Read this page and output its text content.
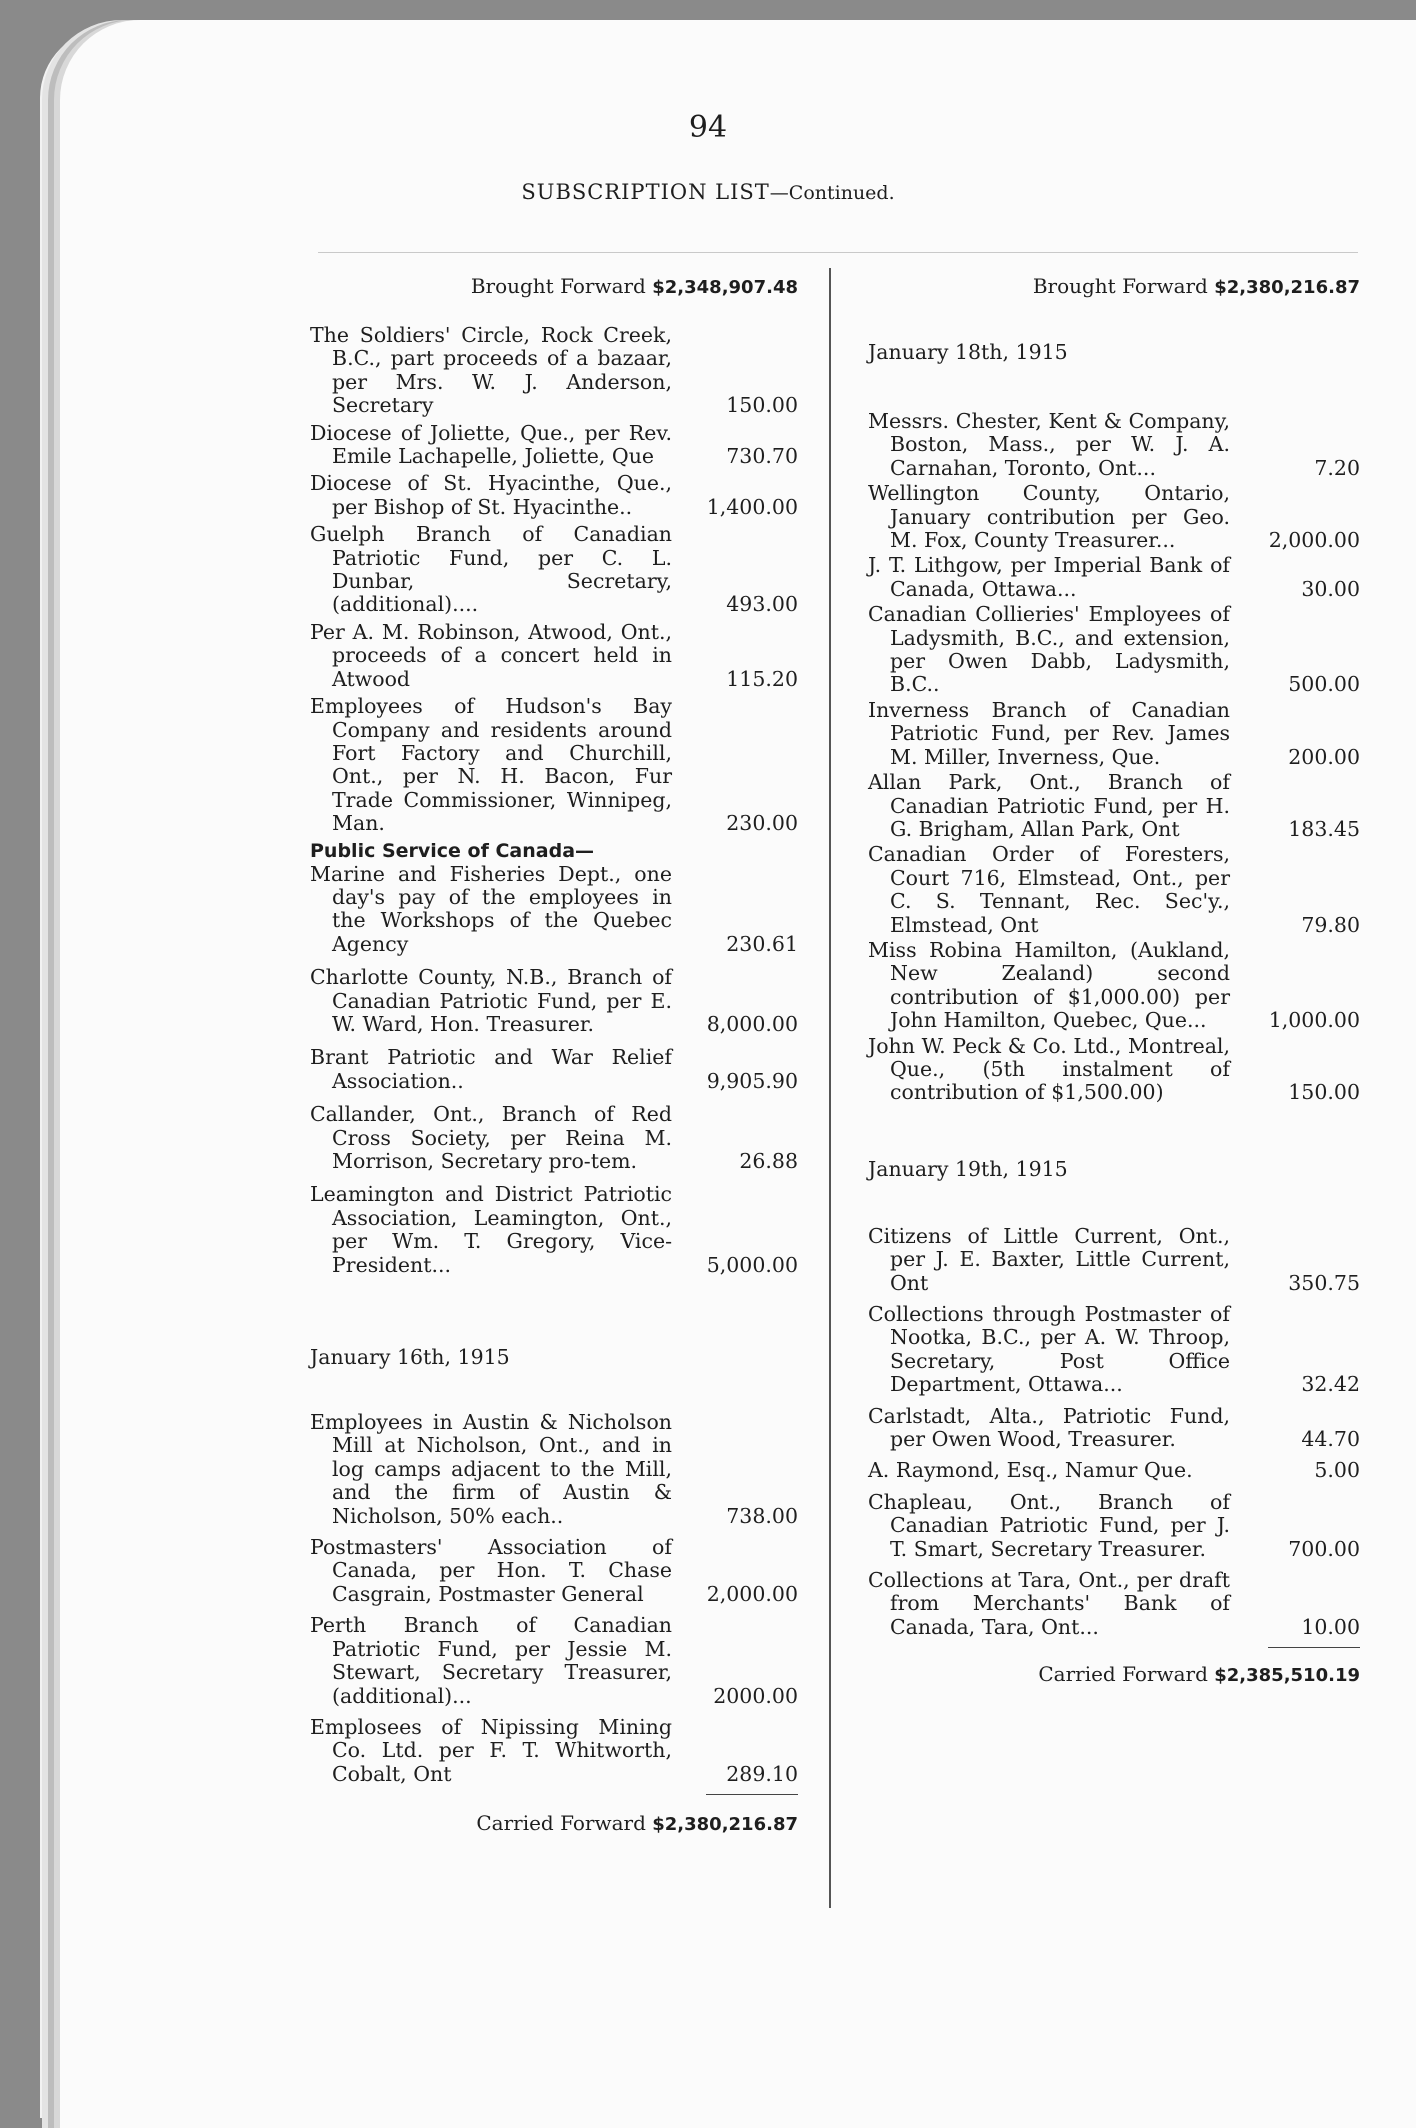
94
SUBSCRIPTION LIST—Continued.
Brought Forward $2,348,907.48
The Soldiers' Circle, Rock Creek, B.C., part proceeds of a bazaar, per Mrs. W. J. Anderson, Secretary	150.00
Diocese of Joliette, Que., per Rev. Emile Lachapelle, Joliette, Que	730.70
Diocese of St. Hyacinthe, Que., per Bishop of St. Hyacinthe..	1,400.00
Guelph Branch of Canadian Patriotic Fund, per C. L. Dunbar, Secretary, (additional)....	493.00
Per A. M. Robinson, Atwood, Ont., proceeds of a concert held in Atwood	115.20
Employees of Hudson's Bay Company and residents around Fort Factory and Churchill, Ont., per N. H. Bacon, Fur Trade Commissioner, Winnipeg, Man.	230.00
Public Service of Canada—
Marine and Fisheries Dept., one day's pay of the employees in the Workshops of the Quebec Agency	230.61
Charlotte County, N.B., Branch of Canadian Patriotic Fund, per E. W. Ward, Hon. Treasurer.	8,000.00
Brant Patriotic and War Relief Association..	9,905.90
Callander, Ont., Branch of Red Cross Society, per Reina M. Morrison, Secretary pro-tem.	26.88
Leamington and District Patriotic Association, Leamington, Ont., per Wm. T. Gregory, Vice-President...	5,000.00
January 16th, 1915
Employees in Austin & Nicholson Mill at Nicholson, Ont., and in log camps adjacent to the Mill, and the firm of Austin & Nicholson, 50% each..	738.00
Postmasters' Association of Canada, per Hon. T. Chase Casgrain, Postmaster General	2,000.00
Perth Branch of Canadian Patriotic Fund, per Jessie M. Stewart, Secretary Treasurer, (additional)...	2000.00
Emplosees of Nipissing Mining Co. Ltd. per F. T. Whitworth, Cobalt, Ont	289.10
Carried Forward $2,380,216.87
Brought Forward $2,380,216.87
January 18th, 1915
Messrs. Chester, Kent & Company, Boston, Mass., per W. J. A. Carnahan, Toronto, Ont...	7.20
Wellington County, Ontario, January contribution per Geo. M. Fox, County Treasurer...	2,000.00
J. T. Lithgow, per Imperial Bank of Canada, Ottawa...	30.00
Canadian Collieries' Employees of Ladysmith, B.C., and extension, per Owen Dabb, Ladysmith, B.C..	500.00
Inverness Branch of Canadian Patriotic Fund, per Rev. James M. Miller, Inverness, Que.	200.00
Allan Park, Ont., Branch of Canadian Patriotic Fund, per H. G. Brigham, Allan Park, Ont	183.45
Canadian Order of Foresters, Court 716, Elmstead, Ont., per C. S. Tennant, Rec. Sec'y., Elmstead, Ont	79.80
Miss Robina Hamilton, (Aukland, New Zealand) second contribution of $1,000.00) per John Hamilton, Quebec, Que...	1,000.00
John W. Peck & Co. Ltd., Montreal, Que., (5th instalment of contribution of $1,500.00)	150.00
January 19th, 1915
Citizens of Little Current, Ont., per J. E. Baxter, Little Current, Ont	350.75
Collections through Postmaster of Nootka, B.C., per A. W. Throop, Secretary, Post Office Department, Ottawa...	32.42
Carlstadt, Alta., Patriotic Fund, per Owen Wood, Treasurer.	44.70
A. Raymond, Esq., Namur Que.	5.00
Chapleau, Ont., Branch of Canadian Patriotic Fund, per J. T. Smart, Secretary Treasurer.	700.00
Collections at Tara, Ont., per draft from Merchants' Bank of Canada, Tara, Ont...	10.00
Carried Forward $2,385,510.19
